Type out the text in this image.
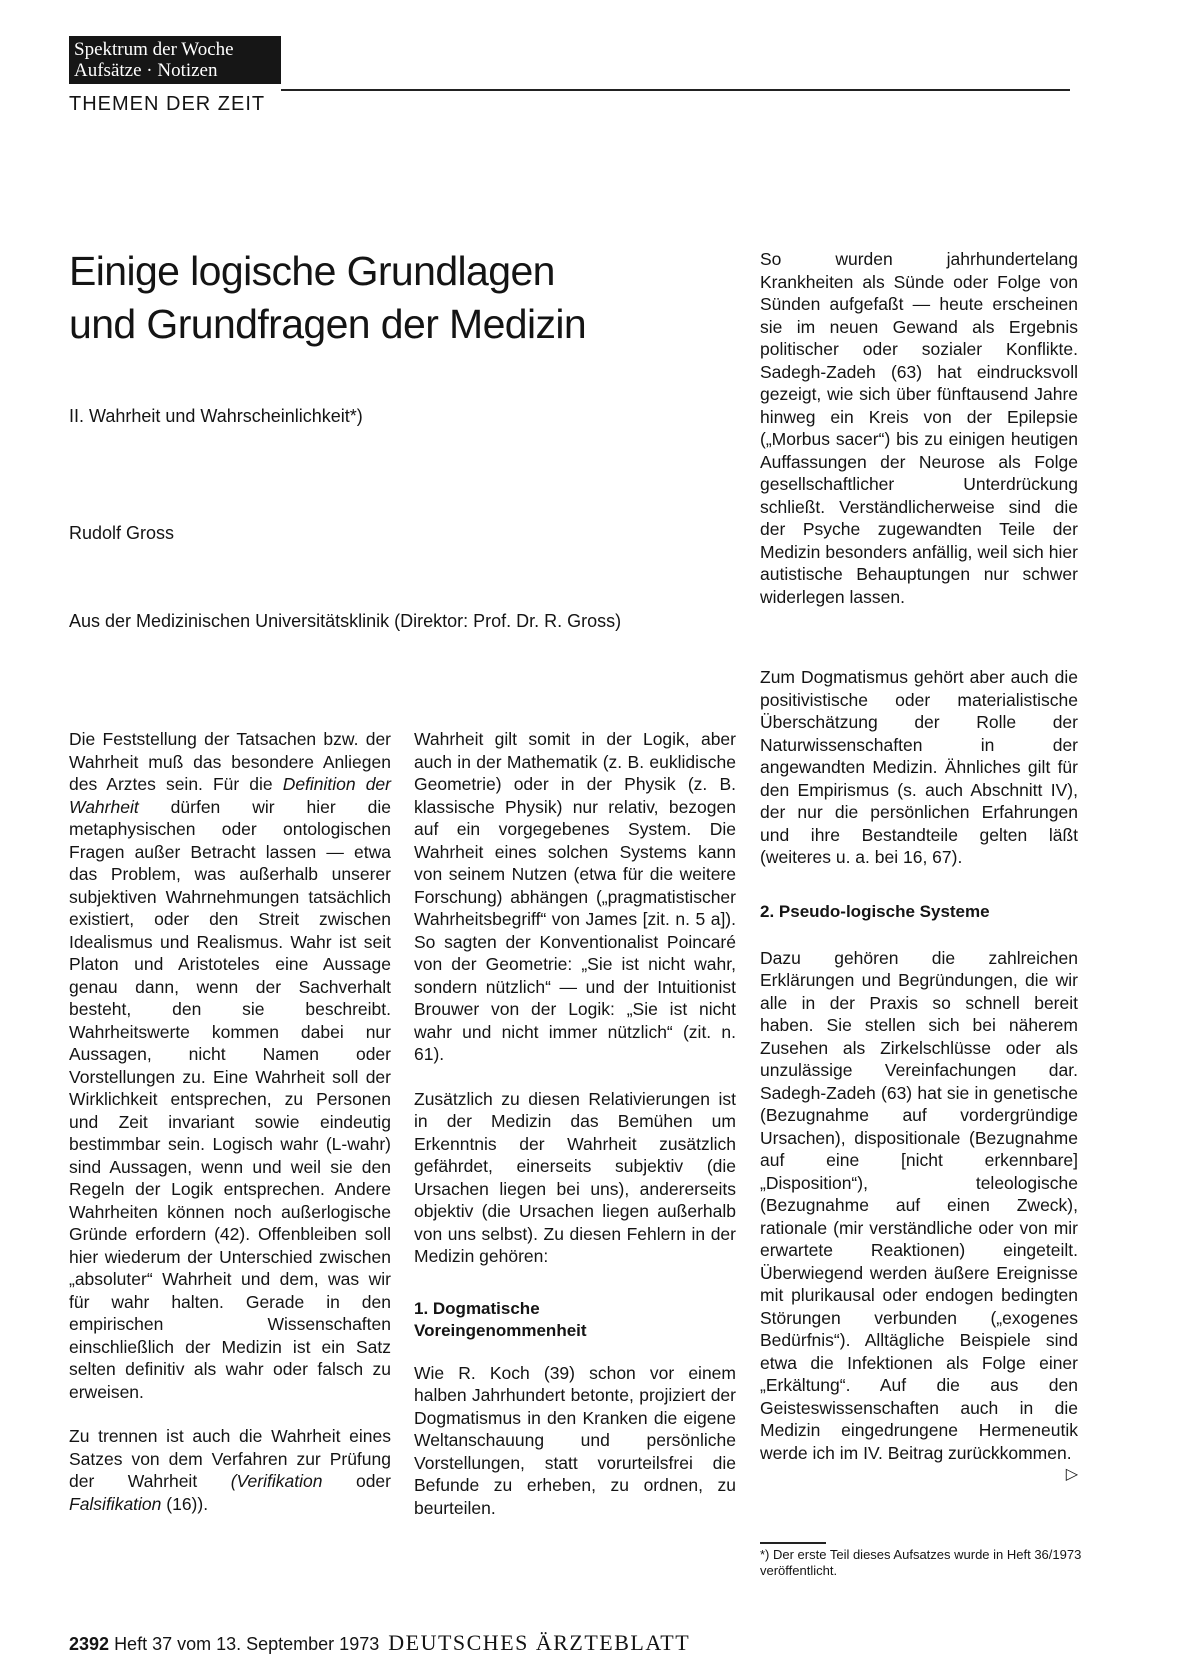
Spektrum der Woche
Aufsätze · Notizen
THEMEN DER ZEIT
Einige logische Grundlagen
und Grundfragen der Medizin
II. Wahrheit und Wahrscheinlichkeit*)
Rudolf Gross
Aus der Medizinischen Universitätsklinik (Direktor: Prof. Dr. R. Gross)

Die Feststellung der Tatsachen bzw. der Wahrheit muß das besondere Anliegen des Arztes sein. Für die Definition der Wahrheit dürfen wir hier die metaphysischen oder ontologischen Fragen außer Betracht lassen — etwa das Problem, was außerhalb unserer subjektiven Wahrnehmungen tatsächlich existiert, oder den Streit zwischen Idealismus und Realismus. Wahr ist seit Platon und Aristoteles eine Aussage genau dann, wenn der Sachverhalt besteht, den sie beschreibt. Wahrheitswerte kommen dabei nur Aussagen, nicht Namen oder Vorstellungen zu. Eine Wahrheit soll der Wirklichkeit entsprechen, zu Personen und Zeit invariant sowie eindeutig bestimmbar sein. Logisch wahr (L-wahr) sind Aussagen, wenn und weil sie den Regeln der Logik entsprechen. Andere Wahrheiten können noch außerlogische Gründe erfordern (42). Offenbleiben soll hier wiederum der Unterschied zwischen „absoluter“ Wahrheit und dem, was wir für wahr halten. Gerade in den empirischen Wissenschaften einschließlich der Medizin ist ein Satz selten definitiv als wahr oder falsch zu erweisen.

Zu trennen ist auch die Wahrheit eines Satzes von dem Verfahren zur Prüfung der Wahrheit (Verifikation oder Falsifikation (16)).

Wahrheit gilt somit in der Logik, aber auch in der Mathematik (z. B. euklidische Geometrie) oder in der Physik (z. B. klassische Physik) nur relativ, bezogen auf ein vorgegebenes System. Die Wahrheit eines solchen Systems kann von seinem Nutzen (etwa für die weitere Forschung) abhängen („pragmatistischer Wahrheitsbegriff“ von James [zit. n. 5 a]). So sagten der Konventionalist Poincaré von der Geometrie: „Sie ist nicht wahr, sondern nützlich“ — und der Intuitionist Brouwer von der Logik: „Sie ist nicht wahr und nicht immer nützlich“ (zit. n. 61).

Zusätzlich zu diesen Relativierungen ist in der Medizin das Bemühen um Erkenntnis der Wahrheit zusätzlich gefährdet, einerseits subjektiv (die Ursachen liegen bei uns), andererseits objektiv (die Ursachen liegen außerhalb von uns selbst). Zu diesen Fehlern in der Medizin gehören:

1. Dogmatische
Voreingenommenheit

Wie R. Koch (39) schon vor einem halben Jahrhundert betonte, projiziert der Dogmatismus in den Kranken die eigene Weltanschauung und persönliche Vorstellungen, statt vorurteilsfrei die Befunde zu erheben, zu ordnen, zu beurteilen.

So wurden jahrhundertelang Krankheiten als Sünde oder Folge von Sünden aufgefaßt — heute erscheinen sie im neuen Gewand als Ergebnis politischer oder sozialer Konflikte. Sadegh-Zadeh (63) hat eindrucksvoll gezeigt, wie sich über fünftausend Jahre hinweg ein Kreis von der Epilepsie („Morbus sacer“) bis zu einigen heutigen Auffassungen der Neurose als Folge gesellschaftlicher Unterdrückung schließt. Verständlicherweise sind die der Psyche zugewandten Teile der Medizin besonders anfällig, weil sich hier autistische Behauptungen nur schwer widerlegen lassen.

Zum Dogmatismus gehört aber auch die positivistische oder materialistische Überschätzung der Rolle der Naturwissenschaften in der angewandten Medizin. Ähnliches gilt für den Empirismus (s. auch Abschnitt IV), der nur die persönlichen Erfahrungen und ihre Bestandteile gelten läßt (weiteres u. a. bei 16, 67).

2. Pseudo-logische Systeme

Dazu gehören die zahlreichen Erklärungen und Begründungen, die wir alle in der Praxis so schnell bereit haben. Sie stellen sich bei näherem Zusehen als Zirkelschlüsse oder als unzulässige Vereinfachungen dar. Sadegh-Zadeh (63) hat sie in genetische (Bezugnahme auf vordergründige Ursachen), dispositionale (Bezugnahme auf eine [nicht erkennbare] „Disposition“), teleologische (Bezugnahme auf einen Zweck), rationale (mir verständliche oder von mir erwartete Reaktionen) eingeteilt. Überwiegend werden äußere Ereignisse mit plurikausal oder endogen bedingten Störungen verbunden („exogenes Bedürfnis“). Alltägliche Beispiele sind etwa die Infektionen als Folge einer „Erkältung“. Auf die aus den Geisteswissenschaften auch in die Medizin eingedrungene Hermeneutik werde ich im IV. Beitrag zurückkommen.
▷

*) Der erste Teil dieses Aufsatzes wurde in Heft 36/1973 veröffentlicht.
2392 Heft 37 vom 13. September 1973 DEUTSCHES ÄRZTEBLATT
